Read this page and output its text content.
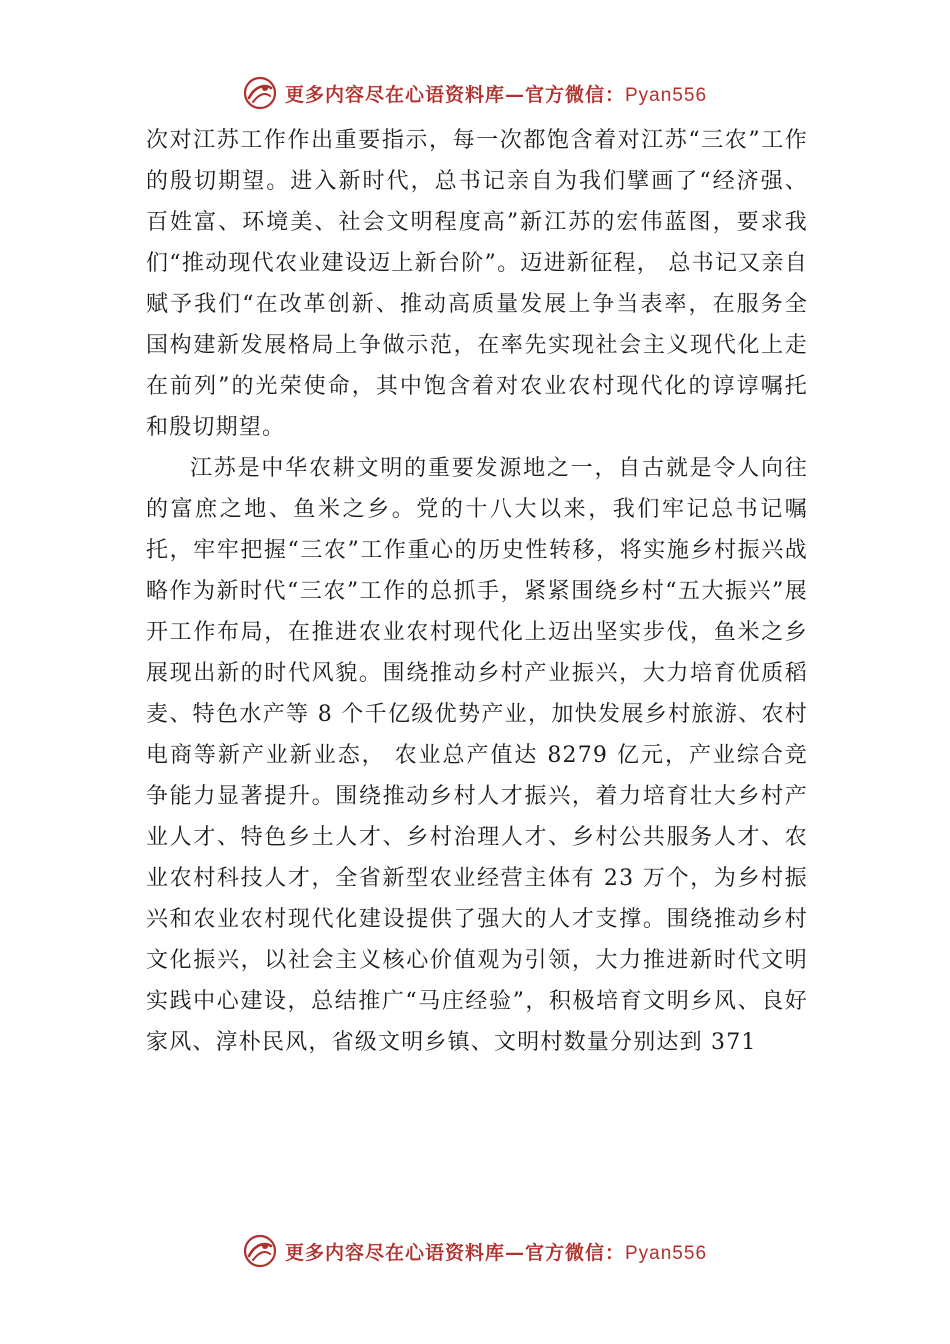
更多内容尽在心语资料库—官方微信：Pyan556

次对江苏工作作出重要指示，每一次都饱含着对江苏“三农”工作的殷切期望。进入新时代，总书记亲自为我们擘画了“经济强、百姓富、环境美、社会文明程度高”新江苏的宏伟蓝图，要求我们“推动现代农业建设迈上新台阶”。迈进新征程， 总书记又亲自赋予我们“在改革创新、推动高质量发展上争当表率，在服务全国构建新发展格局上争做示范，在率先实现社会主义现代化上走在前列”的光荣使命，其中饱含着对农业农村现代化的谆谆嘱托和殷切期望。

江苏是中华农耕文明的重要发源地之一，自古就是令人向往的富庶之地、鱼米之乡。党的十八大以来，我们牢记总书记嘱托，牢牢把握“三农”工作重心的历史性转移，将实施乡村振兴战略作为新时代“三农”工作的总抓手，紧紧围绕乡村“五大振兴”展开工作布局，在推进农业农村现代化上迈出坚实步伐，鱼米之乡展现出新的时代风貌。围绕推动乡村产业振兴，大力培育优质稻麦、特色水产等 8 个千亿级优势产业，加快发展乡村旅游、农村电商等新产业新业态， 农业总产值达 8279 亿元，产业综合竞争能力显著提升。围绕推动乡村人才振兴，着力培育壮大乡村产业人才、特色乡土人才、乡村治理人才、乡村公共服务人才、农业农村科技人才，全省新型农业经营主体有 23 万个，为乡村振兴和农业农村现代化建设提供了强大的人才支撑。围绕推动乡村文化振兴，以社会主义核心价值观为引领，大力推进新时代文明实践中心建设，总结推广“马庄经验”，积极培育文明乡风、良好家风、淳朴民风，省级文明乡镇、文明村数量分别达到 371

更多内容尽在心语资料库—官方微信：Pyan556
